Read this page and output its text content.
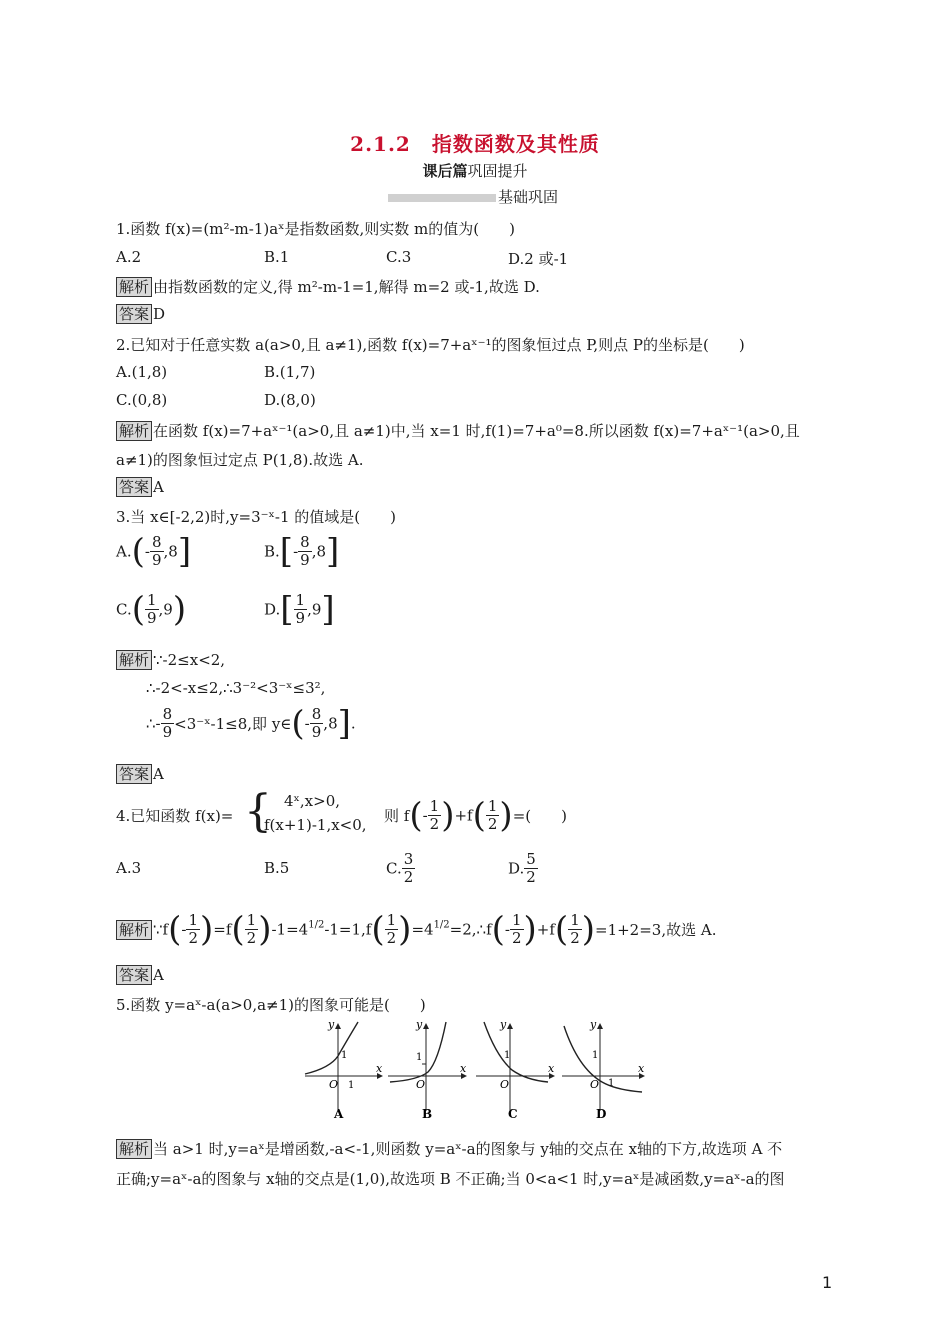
2.1.2　指数函数及其性质
课后篇巩固提升
基础巩固
1.函数 f(x)=(m²-m-1)aˣ是指数函数,则实数 m的值为(　　)
A.2	B.1	C.3	D.2 或-1
解析 由指数函数的定义,得 m²-m-1=1,解得 m=2 或-1,故选 D.
答案 D
2.已知对于任意实数 a(a>0,且 a≠1),函数 f(x)=7+aˣ⁻¹的图象恒过点 P,则点 P的坐标是(　　)
A.(1,8)	B.(1,7)
C.(0,8)	D.(8,0)
解析 在函数 f(x)=7+aˣ⁻¹(a>0,且 a≠1)中,当 x=1 时,f(1)=7+a⁰=8.所以函数 f(x)=7+aˣ⁻¹(a>0,且
a≠1)的图象恒过定点 P(1,8).故选 A.
答案 A
3.当 x∈[-2,2)时,y=3⁻ˣ-1 的值域是(　　)
$A.(- \frac{8}{9} ,8]$	$B.[- \frac{8}{9} ,8]$
$C.( \frac{1}{9} ,9)$	$D.[ \frac{1}{9} ,9]$
解析 ∵-2≤x<2,
∴-2<-x≤2,∴3⁻²<3⁻ˣ≤3²,
∴- $\frac{8}{9}$ <3⁻ˣ-1≤8,即 y∈(- $\frac{8}{9} ,8$].
答案 A
4.已知函数 f(x)= { 4ˣ,x>0,
f(x+1)-1,x<0, 则 $f(- \frac{1}{2} )+f( \frac{1}{2}$ )=(　　)
A.3	B.5	C. $\frac{3}{2}$	D. $\frac{5}{2}$
解析 ∵f(- $\frac{1}{2} )=f( \frac{1}{2} )-1=4^{1/2}-1=1,f( \frac{1}{2}$ )$=4^{1/2}=2,\therefore f(- \frac{1}{2} )+f( \frac{1}{2} )=1+2=3$,故选 A.
答案 A
5.函数 y=aˣ-a(a>0,a≠1)的图象可能是(　　)
y
x
O
1
1
A
y
x
O
1
B
y
x
O
1
C
y
x
O
1
1
D
解析 当 a>1 时,y=aˣ是增函数,-a<-1,则函数 y=aˣ-a的图象与 y轴的交点在 x轴的下方,故选项 A 不
正确;y=aˣ-a的图象与 x轴的交点是(1,0),故选项 B 不正确;当 0<a<1 时,y=aˣ是减函数,y=aˣ-a的图
1
